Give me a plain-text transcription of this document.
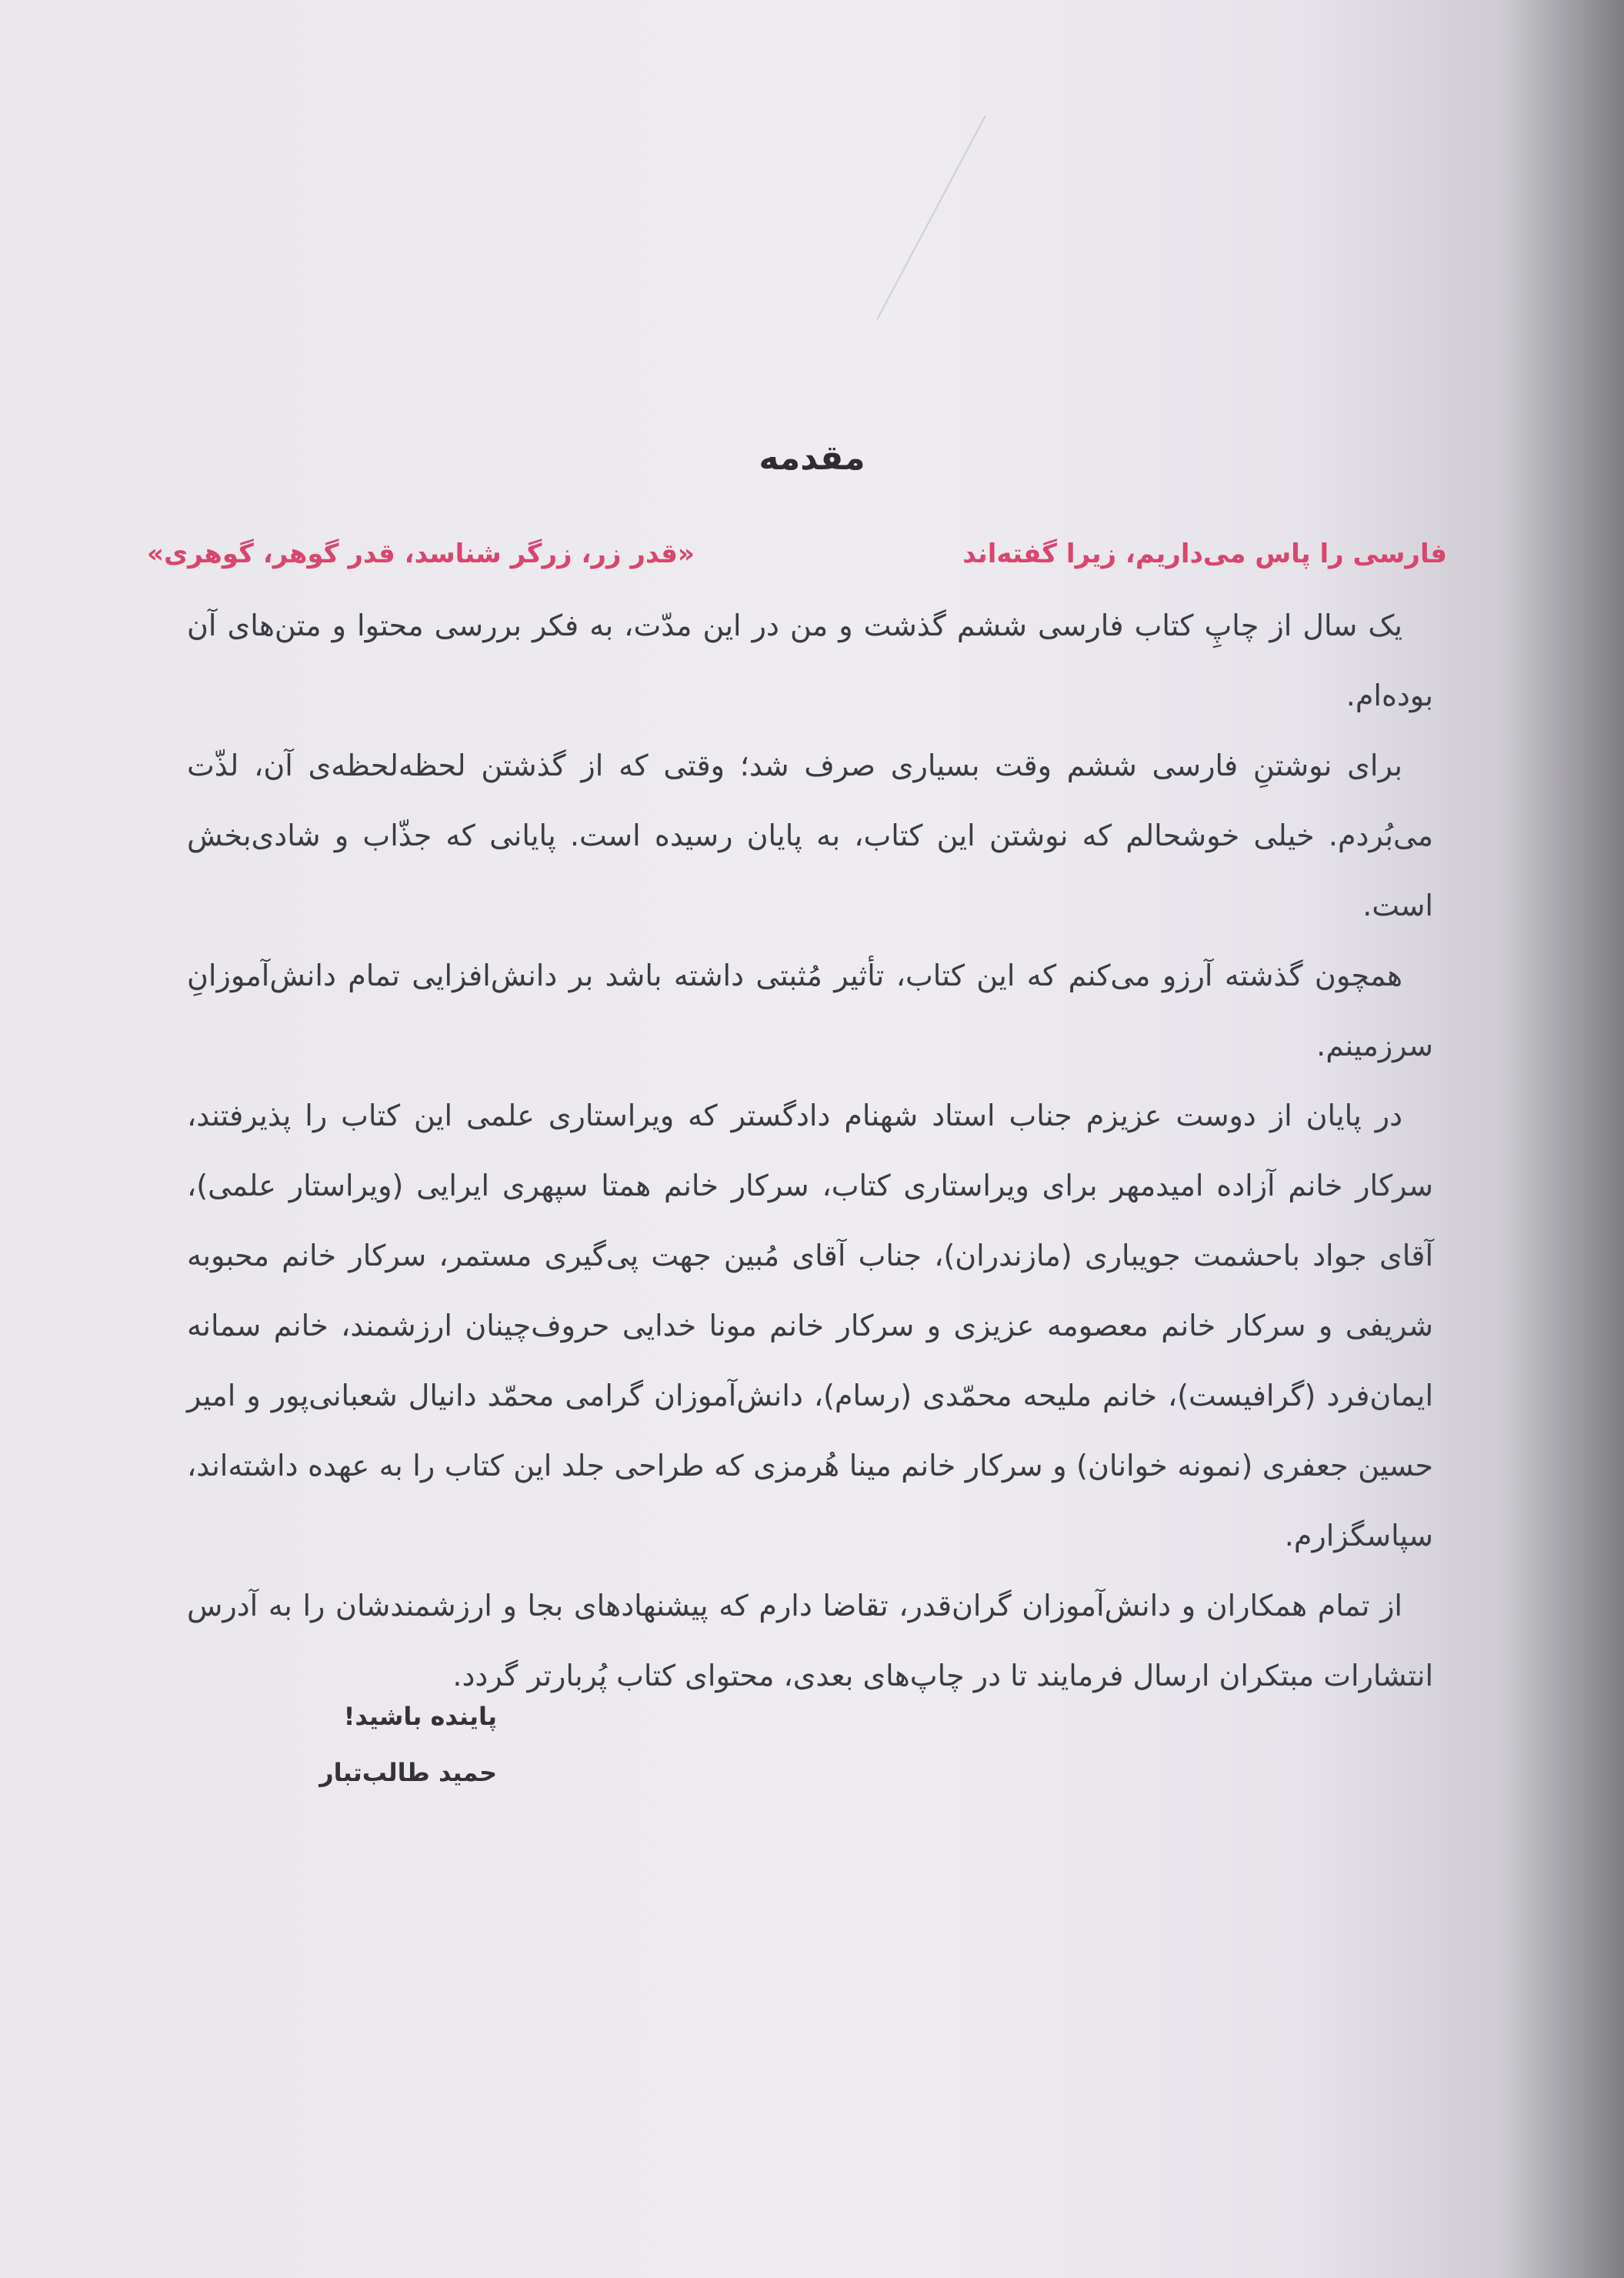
مقدمه
فارسی را پاس می‌داریم، زیرا گفته‌اند
«قدر زر، زرگر شناسد، قدر گوهر، گوهری»

یک سال از چاپِ کتاب فارسی ششم گذشت و من در این مدّت، به فکر بررسی محتوا و متن‌های آن بوده‌ام.

برای نوشتنِ فارسی ششم وقت بسیاری صرف شد؛ وقتی که از گذشتن لحظه‌لحظه‌ی آن، لذّت می‌بُردم. خیلی خوشحالم که نوشتن این کتاب، به پایان رسیده است. پایانی که جذّاب و شادی‌بخش است.

همچون گذشته آرزو می‌کنم که این کتاب، تأثیر مُثبتی داشته باشد بر دانش‌افزایی تمام دانش‌آموزانِ سرزمینم.

در پایان از دوست عزیزم جناب استاد شهنام دادگستر که ویراستاری علمی این کتاب را پذیرفتند، سرکار خانم آزاده امیدمهر برای ویراستاری کتاب، سرکار خانم همتا سپهری ایرایی (ویراستار علمی)، آقای جواد باحشمت جویباری (مازندران)، جناب آقای مُبین جهت پی‌گیری مستمر، سرکار خانم محبوبه شریفی و سرکار خانم معصومه عزیزی و سرکار خانم مونا خدایی حروف‌چینان ارزشمند، خانم سمانه ایمان‌فرد (گرافیست)، خانم ملیحه محمّدی (رسام)، دانش‌آموزان گرامی محمّد دانیال شعبانی‌پور و امیر حسین جعفری (نمونه خوانان) و سرکار خانم مینا هُرمزی که طراحی جلد این کتاب را به عهده داشته‌اند، سپاسگزارم.

از تمام همکاران و دانش‌آموزان گران‌قدر، تقاضا دارم که پیشنهادهای بجا و ارزشمندشان را به آدرس انتشارات مبتکران ارسال فرمایند تا در چاپ‌های بعدی، محتوای کتاب پُربارتر گردد.

پاینده باشید!
حمید طالب‌تبار
